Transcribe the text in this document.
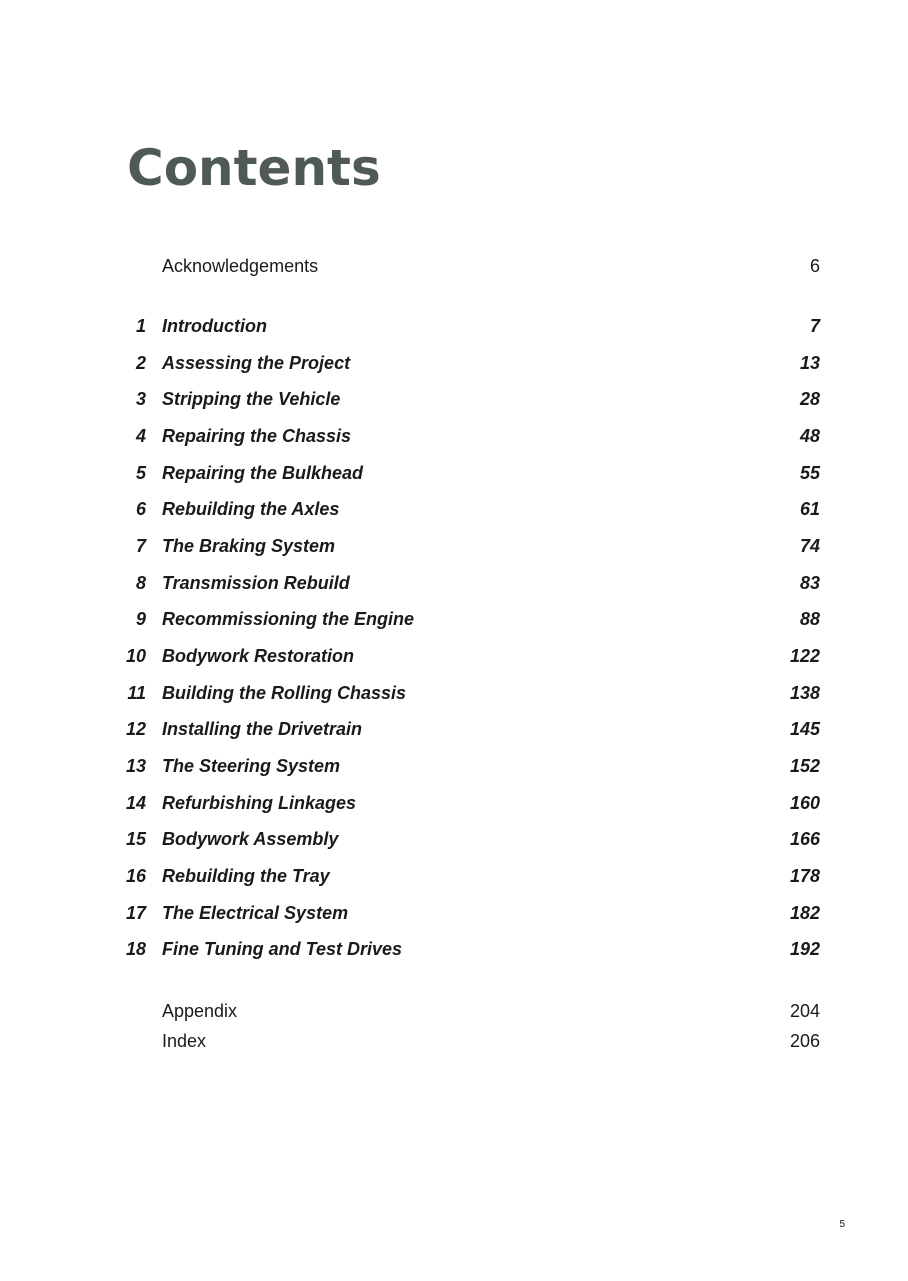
Contents
Acknowledgements	6
1 Introduction	7
2 Assessing the Project	13
3 Stripping the Vehicle	28
4 Repairing the Chassis	48
5 Repairing the Bulkhead	55
6 Rebuilding the Axles	61
7 The Braking System	74
8 Transmission Rebuild	83
9 Recommissioning the Engine	88
10 Bodywork Restoration	122
11 Building the Rolling Chassis	138
12 Installing the Drivetrain	145
13 The Steering System	152
14 Refurbishing Linkages	160
15 Bodywork Assembly	166
16 Rebuilding the Tray	178
17 The Electrical System	182
18 Fine Tuning and Test Drives	192
Appendix	204
Index	206
5
